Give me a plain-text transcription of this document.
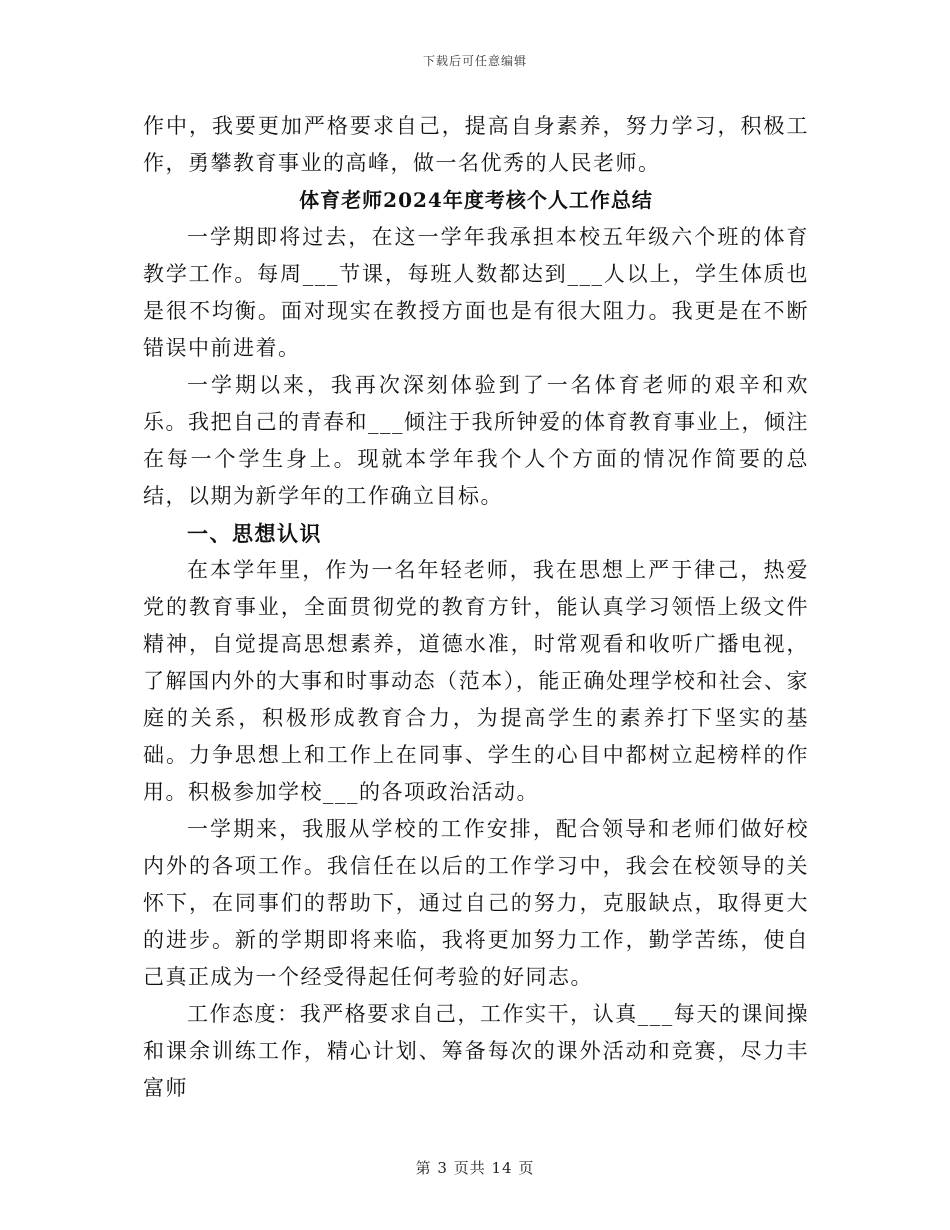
下载后可任意编辑

作中，我要更加严格要求自己，提高自身素养，努力学习，积极工作，勇攀教育事业的高峰，做一名优秀的人民老师。

体育老师2024年度考核个人工作总结

一学期即将过去，在这一学年我承担本校五年级六个班的体育教学工作。每周___节课，每班人数都达到___人以上，学生体质也是很不均衡。面对现实在教授方面也是有很大阻力。我更是在不断错误中前进着。

一学期以来，我再次深刻体验到了一名体育老师的艰辛和欢乐。我把自己的青春和___倾注于我所钟爱的体育教育事业上，倾注在每一个学生身上。现就本学年我个人个方面的情况作简要的总结，以期为新学年的工作确立目标。

一、思想认识

在本学年里，作为一名年轻老师，我在思想上严于律己，热爱党的教育事业，全面贯彻党的教育方针，能认真学习领悟上级文件精神，自觉提高思想素养，道德水准，时常观看和收听广播电视，了解国内外的大事和时事动态（范本），能正确处理学校和社会、家庭的关系，积极形成教育合力，为提高学生的素养打下坚实的基础。力争思想上和工作上在同事、学生的心目中都树立起榜样的作用。积极参加学校___的各项政治活动。

一学期来，我服从学校的工作安排，配合领导和老师们做好校内外的各项工作。我信任在以后的工作学习中，我会在校领导的关怀下，在同事们的帮助下，通过自己的努力，克服缺点，取得更大的进步。新的学期即将来临，我将更加努力工作，勤学苦练，使自己真正成为一个经受得起任何考验的好同志。

工作态度：我严格要求自己，工作实干，认真___每天的课间操和课余训练工作，精心计划、筹备每次的课外活动和竞赛，尽力丰富师

第 3 页共 14 页
